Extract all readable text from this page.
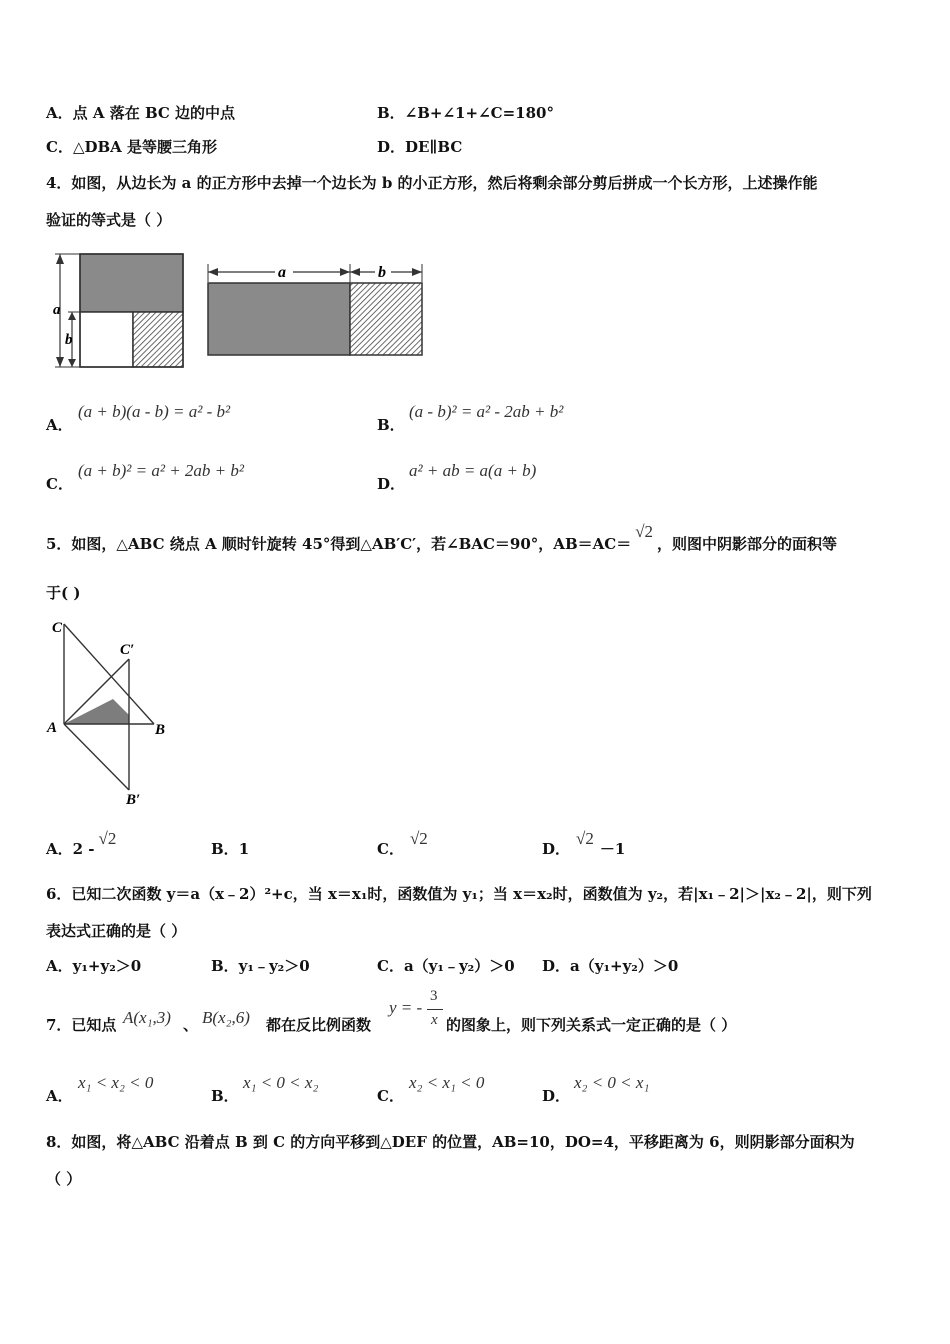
A．点 A 落在 BC 边的中点	B．∠B+∠1+∠C=180°
C．△DBA 是等腰三角形	D．DE∥BC
4．如图，从边长为 a 的正方形中去掉一个边长为 b 的小正方形，然后将剩余部分剪后拼成一个长方形，上述操作能
验证的等式是（ ）
a
b
a	b
A．
(a + b)(a - b) = a² - b²
B．
(a - b)² = a² - 2ab + b²
C．
(a + b)² = a² + 2ab + b²
D．
a² + ab = a(a + b)
5．如图，△ABC 绕点 A 顺时针旋转 45°得到△AB′C′，若∠BAC＝90°，AB＝AC＝√2，则图中阴影部分的面积等
于( )
C
C′
A	B
B′
A．2 -√2
B．1	C．√2
D．√2－1
6．已知二次函数 y＝a（x﹣2）²+c，当 x＝x₁时，函数值为 y₁；当 x＝x₂时，函数值为 y₂，若|x₁﹣2|＞|x₂﹣2|，则下列
表达式正确的是（ ）
A．y₁+y₂＞0	B．y₁﹣y₂＞0	C．a（y₁﹣y₂）＞0 D．a（y₁+y₂）＞0
7．已知点 A(x₁,3) 、 B(x₂,6) 都在反比例函数
y = -
3
x 的图象上，则下列关系式一定正确的是（ ）
A．
x₁ < x₂ < 0
B．
x₁ < 0 < x₂
C．
x₂ < x₁ < 0
D．
x₂ < 0 < x₁
8．如图，将△ABC 沿着点 B 到 C 的方向平移到△DEF 的位置，AB=10，DO=4，平移距离为 6，则阴影部分面积为
（ ）
